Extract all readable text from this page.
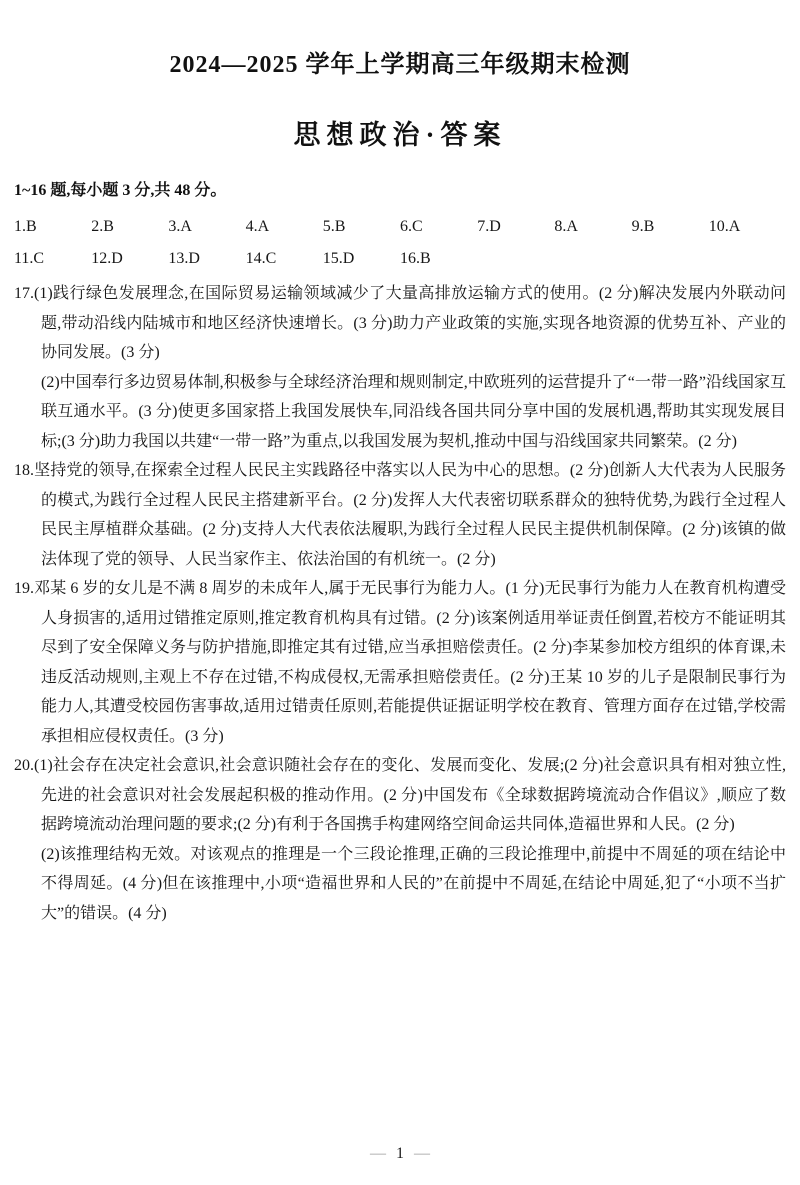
2024—2025 学年上学期高三年级期末检测
思想政治·答案
1~16 题,每小题 3 分,共 48 分。
1.B	2.B	3.A	4.A	5.B	6.C	7.D	8.A	9.B	10.A
11.C	12.D	13.D	14.C	15.D	16.B

17.(1)践行绿色发展理念,在国际贸易运输领域减少了大量高排放运输方式的使用。(2 分)解决发展内外联动问题,带动沿线内陆城市和地区经济快速增长。(3 分)助力产业政策的实施,实现各地资源的优势互补、产业的协同发展。(3 分)

(2)中国奉行多边贸易体制,积极参与全球经济治理和规则制定,中欧班列的运营提升了“一带一路”沿线国家互联互通水平。(3 分)使更多国家搭上我国发展快车,同沿线各国共同分享中国的发展机遇,帮助其实现发展目标;(3 分)助力我国以共建“一带一路”为重点,以我国发展为契机,推动中国与沿线国家共同繁荣。(2 分)

18.坚持党的领导,在探索全过程人民民主实践路径中落实以人民为中心的思想。(2 分)创新人大代表为人民服务的模式,为践行全过程人民民主搭建新平台。(2 分)发挥人大代表密切联系群众的独特优势,为践行全过程人民民主厚植群众基础。(2 分)支持人大代表依法履职,为践行全过程人民民主提供机制保障。(2 分)该镇的做法体现了党的领导、人民当家作主、依法治国的有机统一。(2 分)

19.邓某 6 岁的女儿是不满 8 周岁的未成年人,属于无民事行为能力人。(1 分)无民事行为能力人在教育机构遭受人身损害的,适用过错推定原则,推定教育机构具有过错。(2 分)该案例适用举证责任倒置,若校方不能证明其尽到了安全保障义务与防护措施,即推定其有过错,应当承担赔偿责任。(2 分)李某参加校方组织的体育课,未违反活动规则,主观上不存在过错,不构成侵权,无需承担赔偿责任。(2 分)王某 10 岁的儿子是限制民事行为能力人,其遭受校园伤害事故,适用过错责任原则,若能提供证据证明学校在教育、管理方面存在过错,学校需承担相应侵权责任。(3 分)

20.(1)社会存在决定社会意识,社会意识随社会存在的变化、发展而变化、发展;(2 分)社会意识具有相对独立性,先进的社会意识对社会发展起积极的推动作用。(2 分)中国发布《全球数据跨境流动合作倡议》,顺应了数据跨境流动治理问题的要求;(2 分)有利于各国携手构建网络空间命运共同体,造福世界和人民。(2 分)

(2)该推理结构无效。对该观点的推理是一个三段论推理,正确的三段论推理中,前提中不周延的项在结论中不得周延。(4 分)但在该推理中,小项“造福世界和人民的”在前提中不周延,在结论中周延,犯了“小项不当扩大”的错误。(4 分)

— 1 —
